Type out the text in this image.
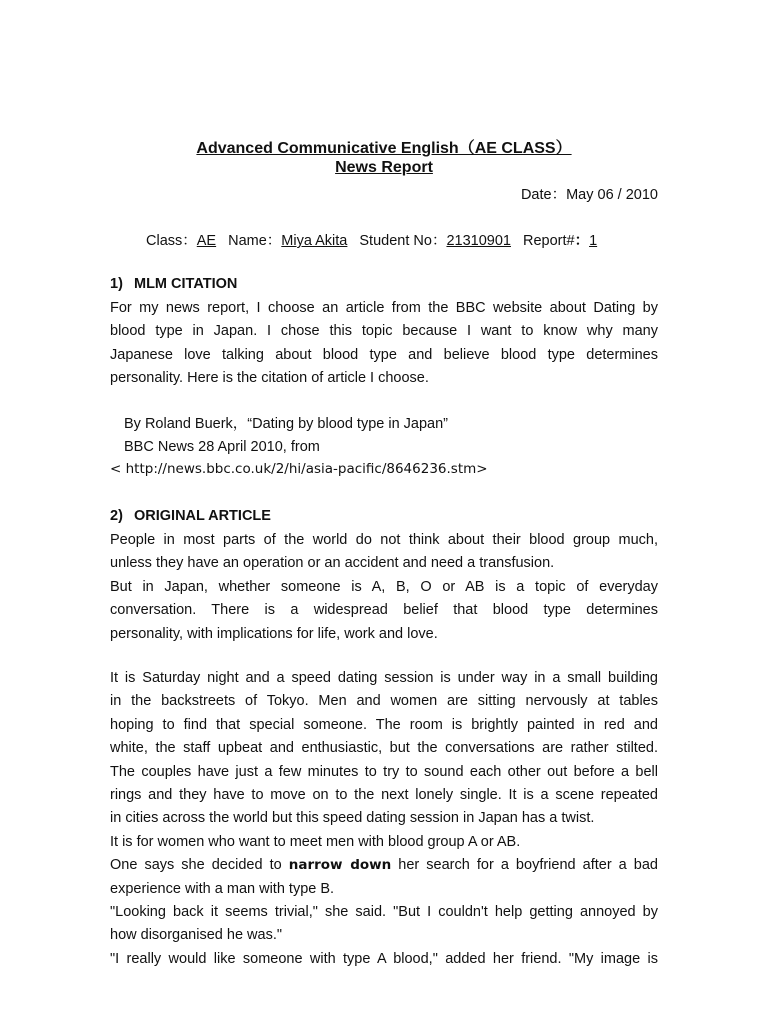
Advanced Communicative English（AE CLASS）
News Report
Date：May 06 / 2010
Class：AE Name：Miya Akita Student No：21310901 Report#：1
1) MLM CITATION
For my news report, I choose an article from the BBC website about Dating by
blood type in Japan. I chose this topic because I want to know why many
Japanese love talking about blood type and believe blood type determines
personality. Here is the citation of article I choose.
By Roland Buerk，“Dating by blood type in Japan”
BBC News 28 April 2010, from
< http://news.bbc.co.uk/2/hi/asia-pacific/8646236.stm>
2) ORIGINAL ARTICLE
People in most parts of the world do not think about their blood group much,
unless they have an operation or an accident and need a transfusion.
But in Japan, whether someone is A, B, O or AB is a topic of everyday
conversation. There is a widespread belief that blood type determines
personality, with implications for life, work and love.
It is Saturday night and a speed dating session is under way in a small building
in the backstreets of Tokyo. Men and women are sitting nervously at tables
hoping to find that special someone. The room is brightly painted in red and
white, the staff upbeat and enthusiastic, but the conversations are rather stilted.
The couples have just a few minutes to try to sound each other out before a bell
rings and they have to move on to the next lonely single. It is a scene repeated
in cities across the world but this speed dating session in Japan has a twist.
It is for women who want to meet men with blood group A or AB.
One says she decided to narrow down her search for a boyfriend after a bad
experience with a man with type B.
"Looking back it seems trivial," she said. "But I couldn't help getting annoyed by
how disorganised he was."
"I really would like someone with type A blood," added her friend. "My image is
